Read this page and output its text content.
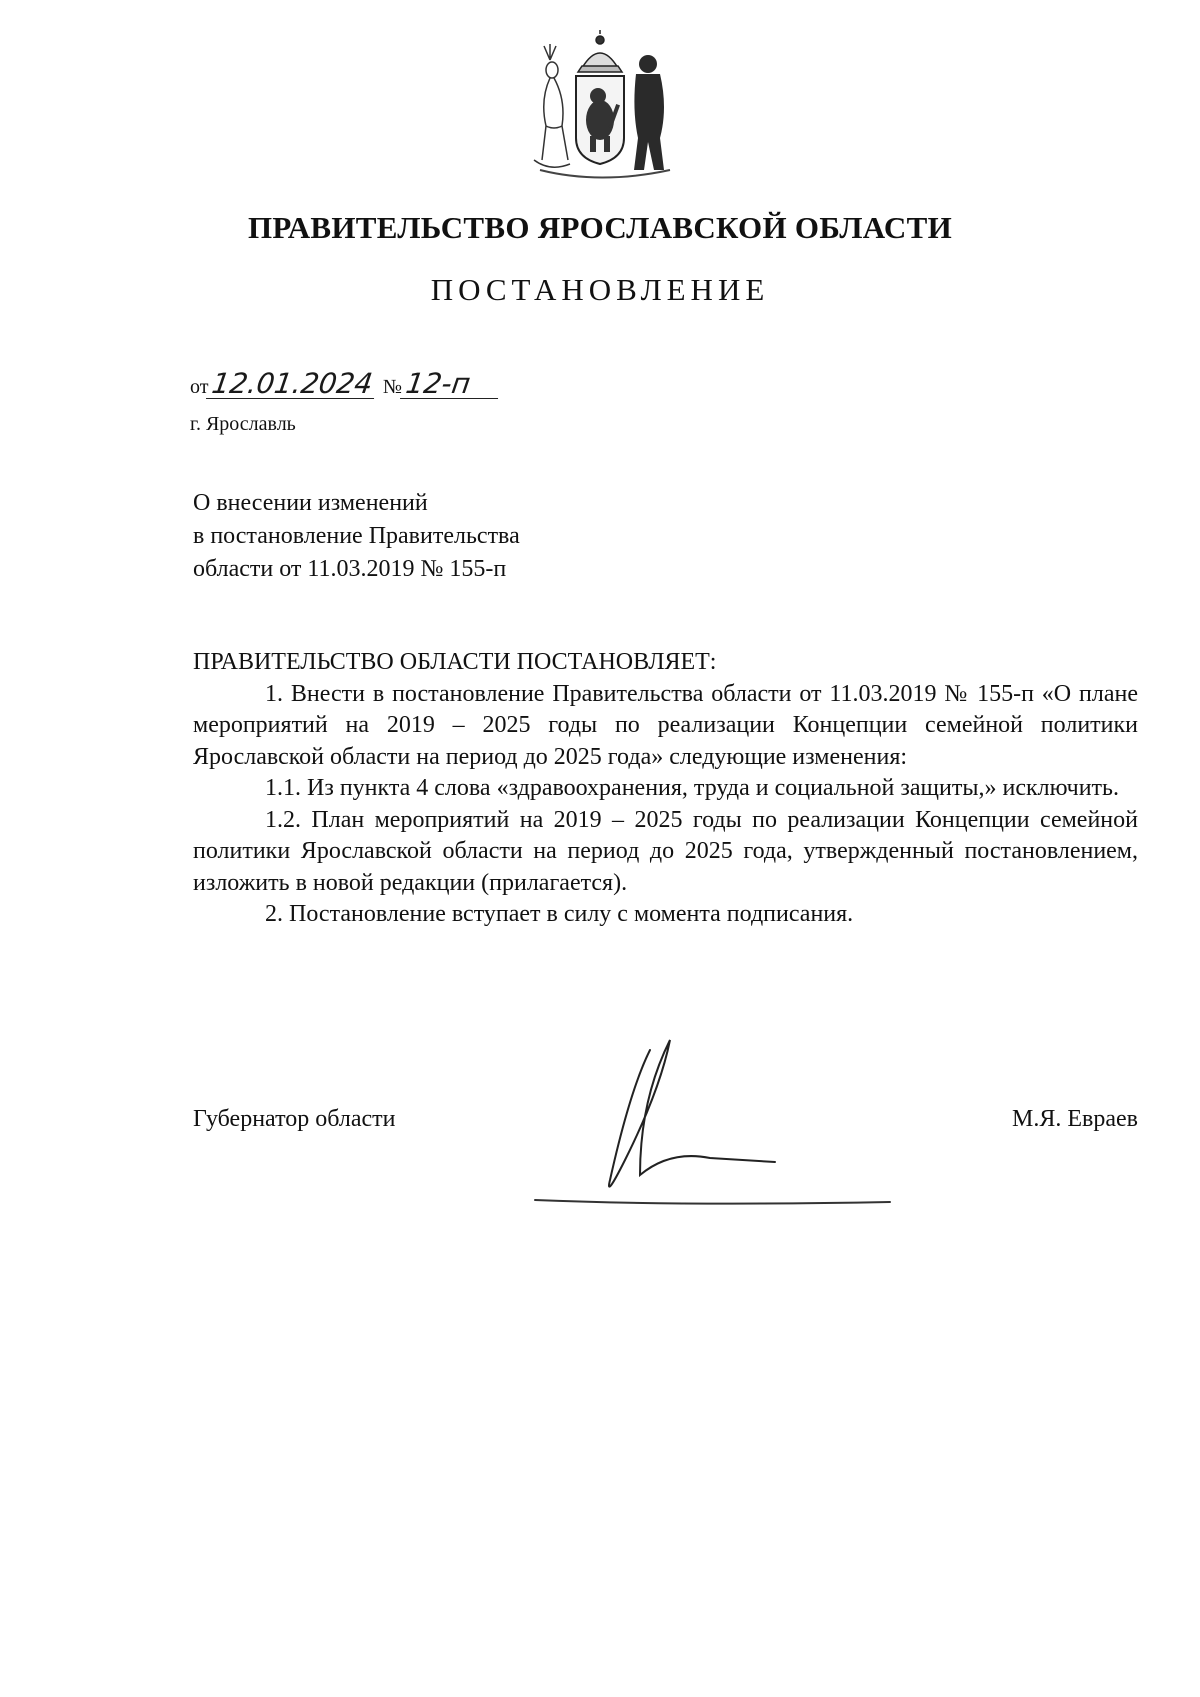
ПРАВИТЕЛЬСТВО ЯРОСЛАВСКОЙ ОБЛАСТИ
ПОСТАНОВЛЕНИЕ
от 12.01.2024 № 12-п
г. Ярославль
О внесении изменений
в постановление Правительства
области от 11.03.2019 № 155-п

ПРАВИТЕЛЬСТВО ОБЛАСТИ ПОСТАНОВЛЯЕТ:

1. Внести в постановление Правительства области от 11.03.2019 № 155-п «О плане мероприятий на 2019 – 2025 годы по реализации Концепции семейной политики Ярославской области на период до 2025 года» следующие изменения:

1.1. Из пункта 4 слова «здравоохранения, труда и социальной защиты,» исключить.

1.2. План мероприятий на 2019 – 2025 годы по реализации Концепции семейной политики Ярославской области на период до 2025 года, утвержденный постановлением, изложить в новой редакции (прилагается).

2. Постановление вступает в силу с момента подписания.

Губернатор области	М.Я. Евраев
